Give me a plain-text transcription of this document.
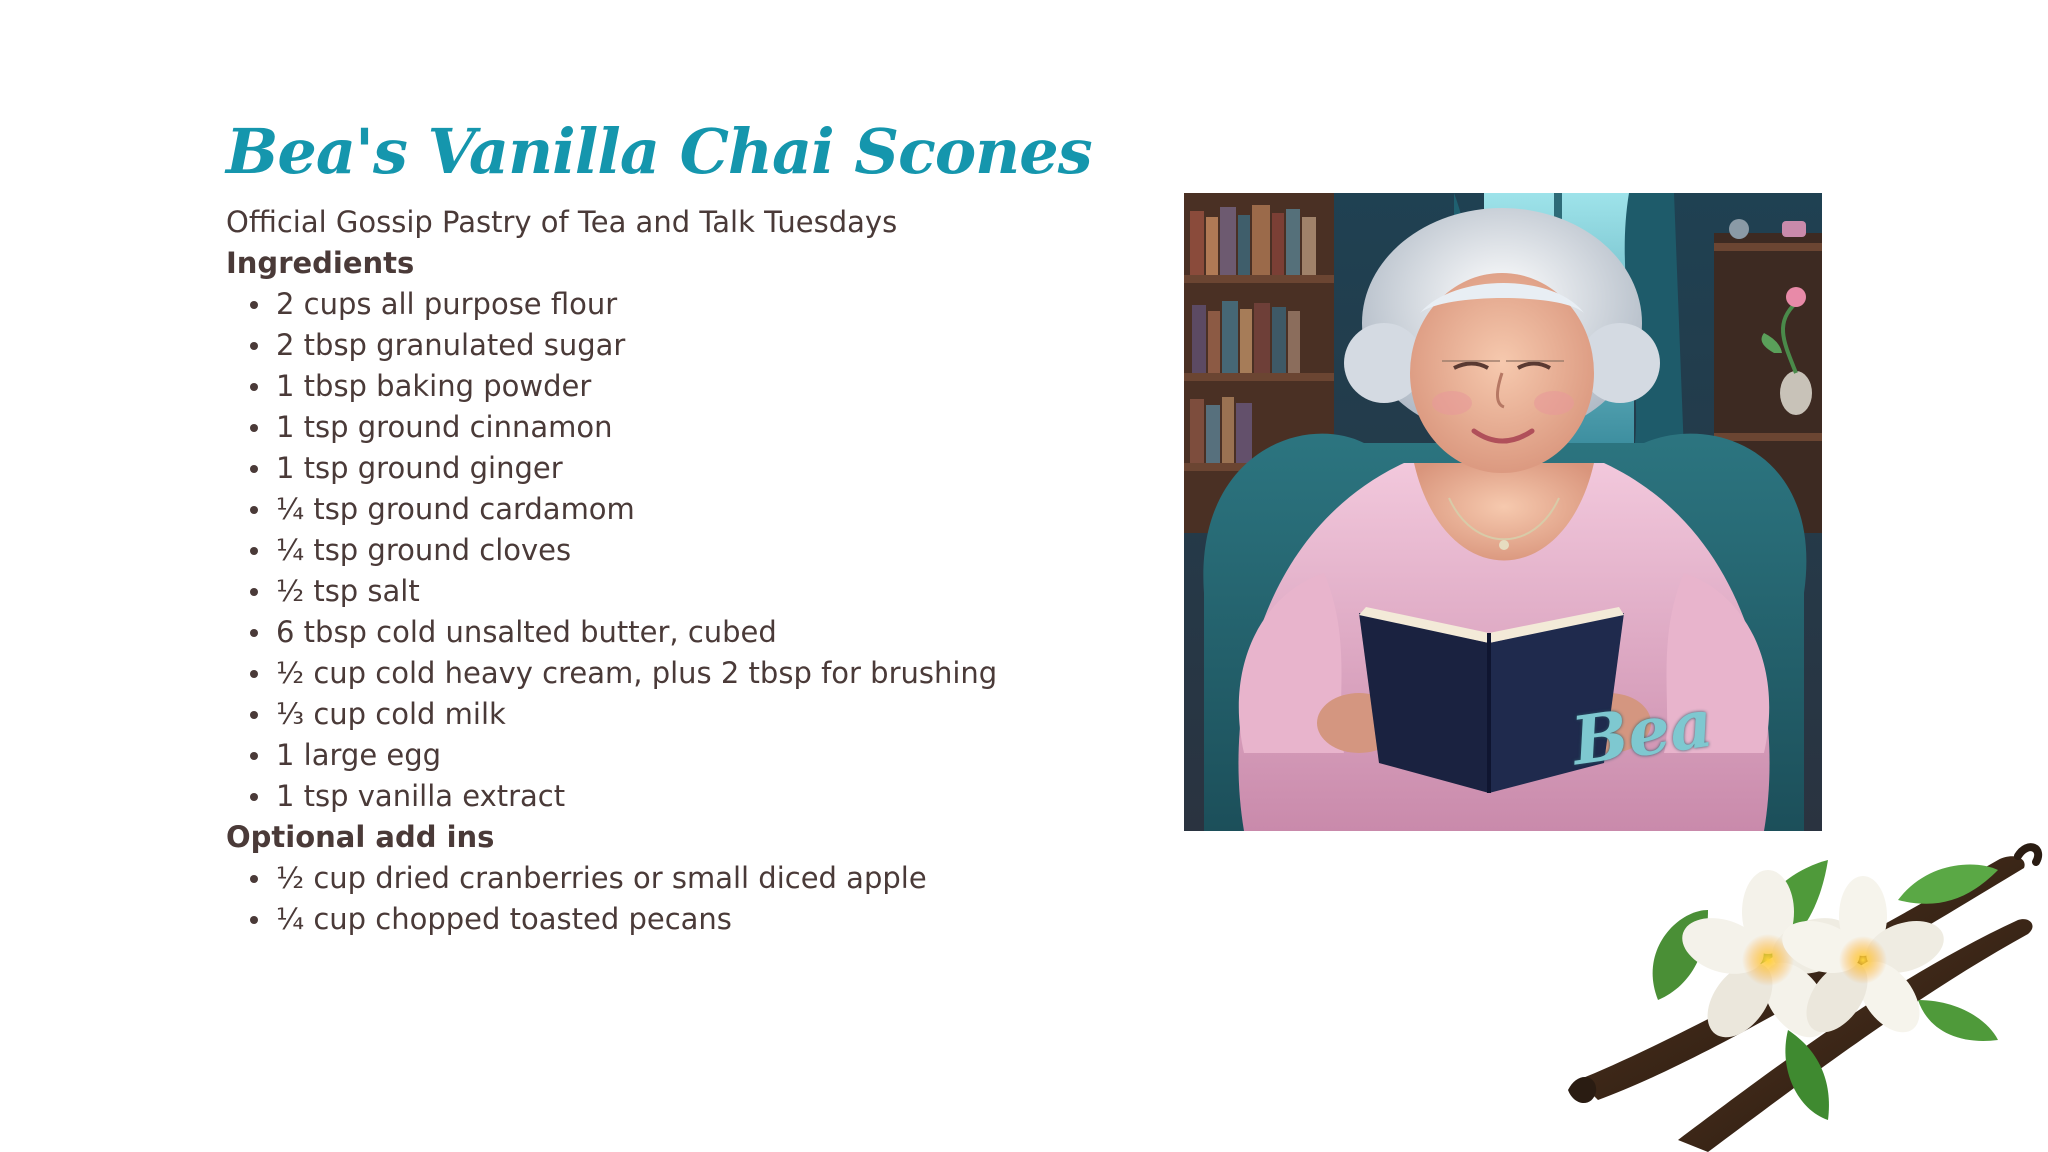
Bea's Vanilla Chai Scones
Official Gossip Pastry of Tea and Talk Tuesdays
Ingredients
2 cups all purpose flour
2 tbsp granulated sugar
1 tbsp baking powder
1 tsp ground cinnamon
1 tsp ground ginger
¼ tsp ground cardamom
¼ tsp ground cloves
½ tsp salt
6 tbsp cold unsalted butter, cubed
½ cup cold heavy cream, plus 2 tbsp for brushing
⅓ cup cold milk
1 large egg
1 tsp vanilla extract
Optional add ins
½ cup dried cranberries or small diced apple
¼ cup chopped toasted pecans
Bea
